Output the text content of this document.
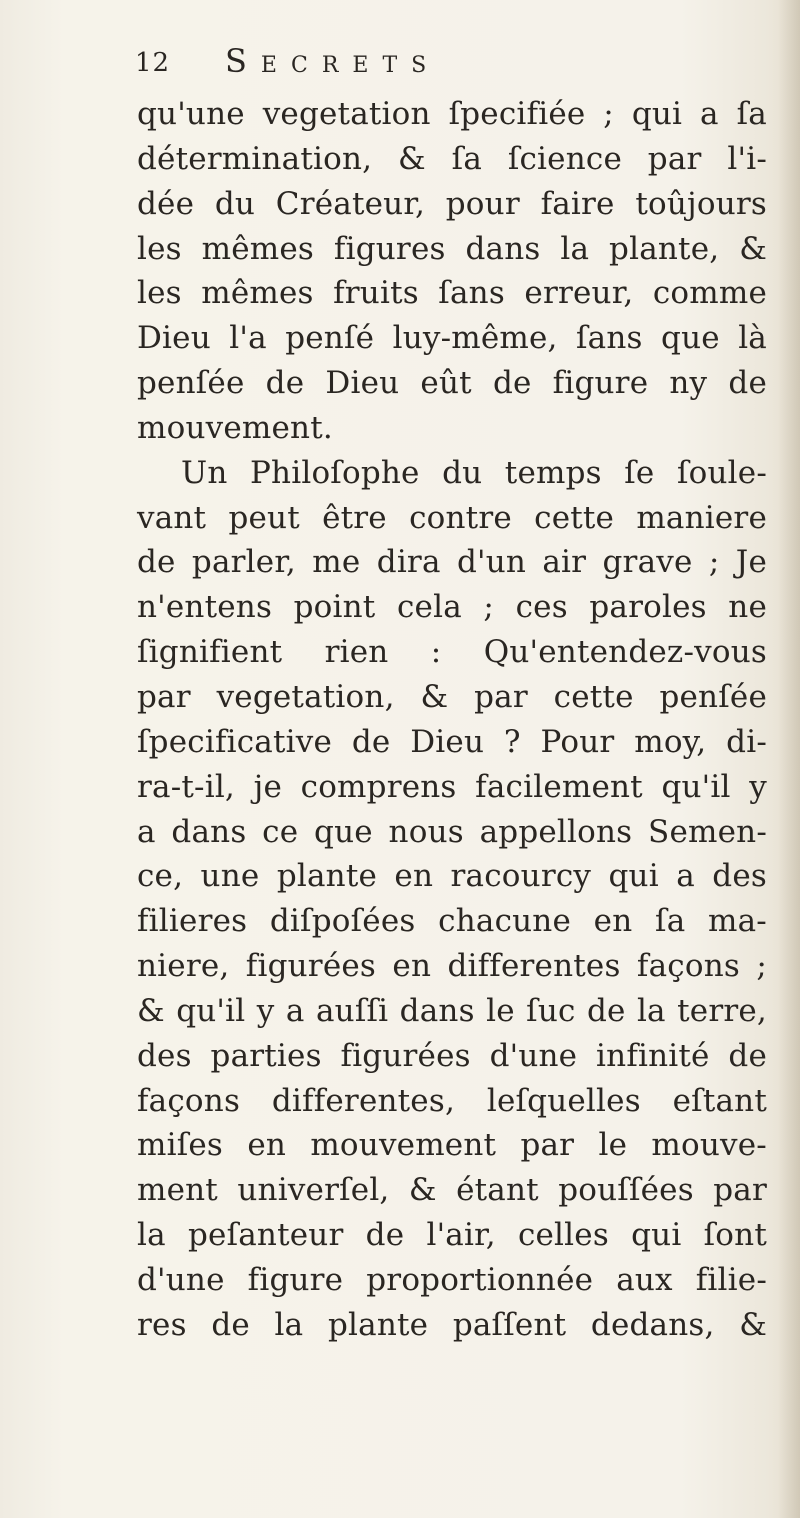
12 Secrets
qu'une vegetation ſpecifiée ; qui a ſa
détermination, & ſa ſcience par l'i-
dée du Créateur, pour faire toûjours
les mêmes figures dans la plante, &
les mêmes fruits ſans erreur, comme
Dieu l'a penſé luy-même, ſans que là
penſée de Dieu eût de figure ny de
mouvement.
Un Philoſophe du temps ſe ſoule-
vant peut être contre cette maniere
de parler, me dira d'un air grave ; Je
n'entens point cela ; ces paroles ne
ſignifient rien : Qu'entendez-vous
par vegetation, & par cette penſée
ſpecificative de Dieu ? Pour moy, di-
ra-t-il, je comprens facilement qu'il y
a dans ce que nous appellons Semen-
ce, une plante en racourcy qui a des
filieres diſpoſées chacune en ſa ma-
niere, figurées en differentes façons ;
& qu'il y a auſſi dans le ſuc de la terre,
des parties figurées d'une infinité de
façons differentes, leſquelles eſtant
miſes en mouvement par le mouve-
ment univerſel, & étant pouſſées par
la peſanteur de l'air, celles qui ſont
d'une figure proportionnée aux filie-
res de la plante paſſent dedans, &
